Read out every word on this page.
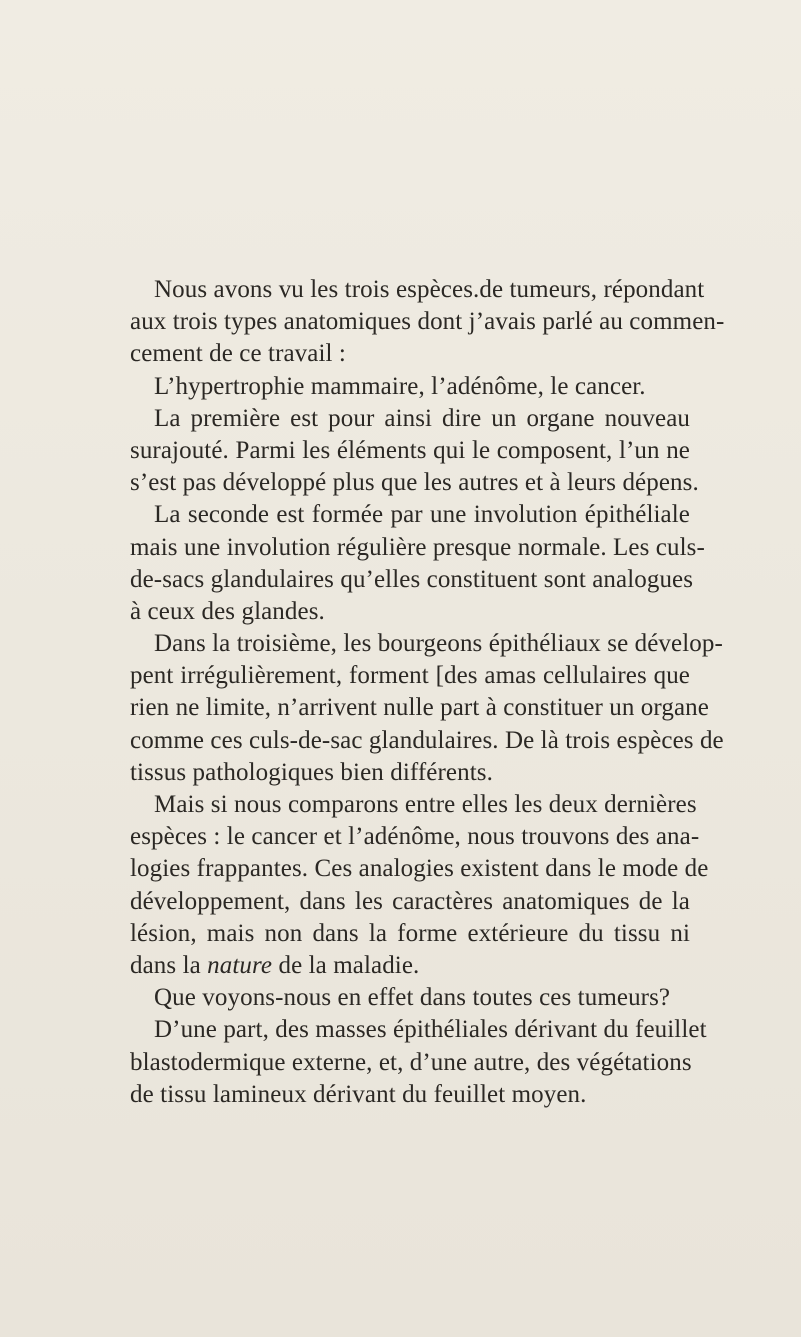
Nous avons vu les trois espèces.de tumeurs, répondant
aux trois types anatomiques dont j’avais parlé au commen-
cement de ce travail :
L’hypertrophie mammaire, l’adénôme, le cancer.
La première est pour ainsi dire un organe nouveau
surajouté. Parmi les éléments qui le composent, l’un ne
s’est pas développé plus que les autres et à leurs dépens.
La seconde est formée par une involution épithéliale
mais une involution régulière presque normale. Les culs-
de-sacs glandulaires qu’elles constituent sont analogues
à ceux des glandes.
Dans la troisième, les bourgeons épithéliaux se dévelop-
pent irrégulièrement, forment [des amas cellulaires que
rien ne limite, n’arrivent nulle part à constituer un organe
comme ces culs-de-sac glandulaires. De là trois espèces de
tissus pathologiques bien différents.
Mais si nous comparons entre elles les deux dernières
espèces : le cancer et l’adénôme, nous trouvons des ana-
logies frappantes. Ces analogies existent dans le mode de
développement, dans les caractères anatomiques de la
lésion, mais non dans la forme extérieure du tissu ni
dans la nature de la maladie.
Que voyons-nous en effet dans toutes ces tumeurs?
D’une part, des masses épithéliales dérivant du feuillet
blastodermique externe, et, d’une autre, des végétations
de tissu lamineux dérivant du feuillet moyen.
